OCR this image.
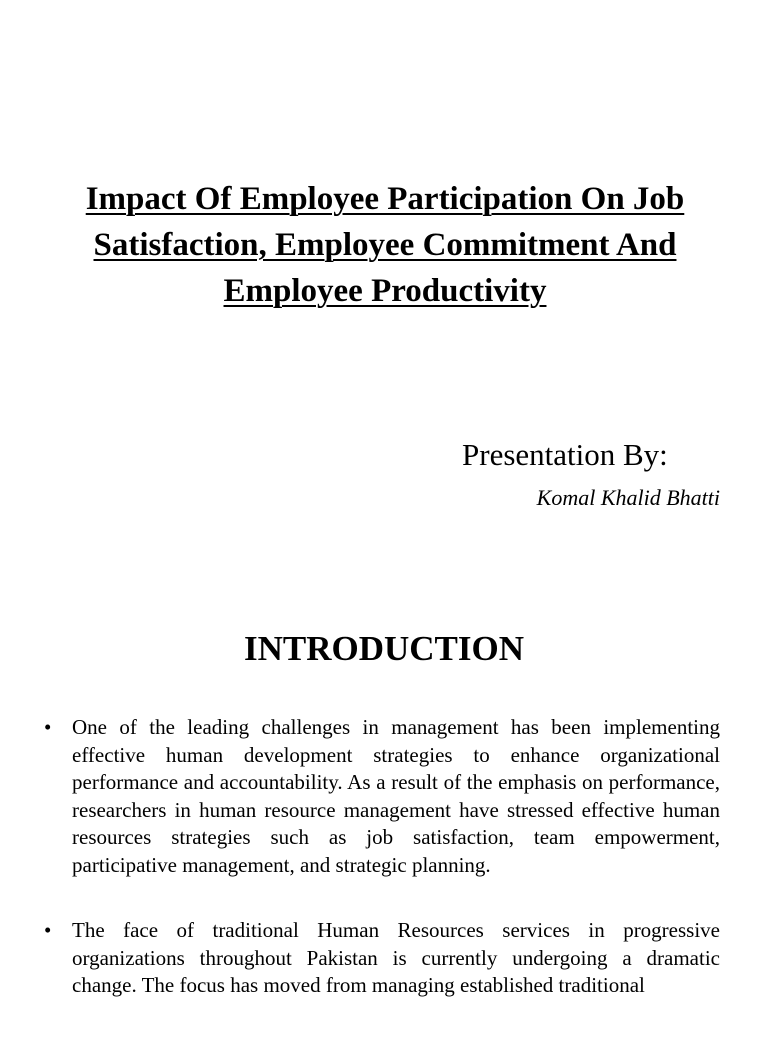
Impact Of Employee Participation On Job Satisfaction, Employee Commitment And Employee Productivity
Presentation By:
Komal Khalid Bhatti
INTRODUCTION
• One of the leading challenges in management has been implementing effective human development strategies to enhance organizational performance and accountability. As a result of the emphasis on performance, researchers in human resource management have stressed effective human resources strategies such as job satisfaction, team empowerment, participative management, and strategic planning.
• The face of traditional Human Resources services in progressive organizations throughout Pakistan is currently undergoing a dramatic change. The focus has moved from managing established traditional
